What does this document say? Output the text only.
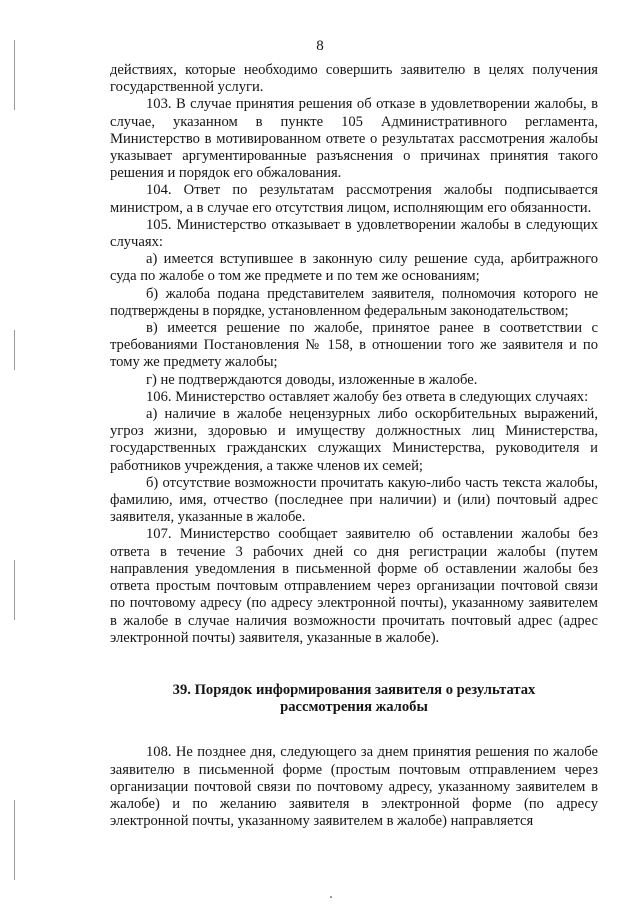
8

действиях, которые необходимо совершить заявителю в целях получения государственной услуги.

103. В случае принятия решения об отказе в удовлетворении жалобы, в случае, указанном в пункте 105 Административного регламента, Министерство в мотивированном ответе о результатах рассмотрения жалобы указывает аргументированные разъяснения о причинах принятия такого решения и порядок его обжалования.

104. Ответ по результатам рассмотрения жалобы подписывается министром, а в случае его отсутствия лицом, исполняющим его обязанности.

105. Министерство отказывает в удовлетворении жалобы в следующих случаях:

а) имеется вступившее в законную силу решение суда, арбитражного суда по жалобе о том же предмете и по тем же основаниям;

б) жалоба подана представителем заявителя, полномочия которого не подтверждены в порядке, установленном федеральным законодательством;

в) имеется решение по жалобе, принятое ранее в соответствии с требованиями Постановления № 158, в отношении того же заявителя и по тому же предмету жалобы;

г) не подтверждаются доводы, изложенные в жалобе.

106. Министерство оставляет жалобу без ответа в следующих случаях:

а) наличие в жалобе нецензурных либо оскорбительных выражений, угроз жизни, здоровью и имуществу должностных лиц Министерства, государственных гражданских служащих Министерства, руководителя и работников учреждения, а также членов их семей;

б) отсутствие возможности прочитать какую-либо часть текста жалобы, фамилию, имя, отчество (последнее при наличии) и (или) почтовый адрес заявителя, указанные в жалобе.

107. Министерство сообщает заявителю об оставлении жалобы без ответа в течение 3 рабочих дней со дня регистрации жалобы (путем направления уведомления в письменной форме об оставлении жалобы без ответа простым почтовым отправлением через организации почтовой связи по почтовому адресу (по адресу электронной почты), указанному заявителем в жалобе в случае наличия возможности прочитать почтовый адрес (адрес электронной почты) заявителя, указанные в жалобе).

39. Порядок информирования заявителя о результатах рассмотрения жалобы

108. Не позднее дня, следующего за днем принятия решения по жалобе заявителю в письменной форме (простым почтовым отправлением через организации почтовой связи по почтовому адресу, указанному заявителем в жалобе) и по желанию заявителя в электронной форме (по адресу электронной почты, указанному заявителем в жалобе) направляется
